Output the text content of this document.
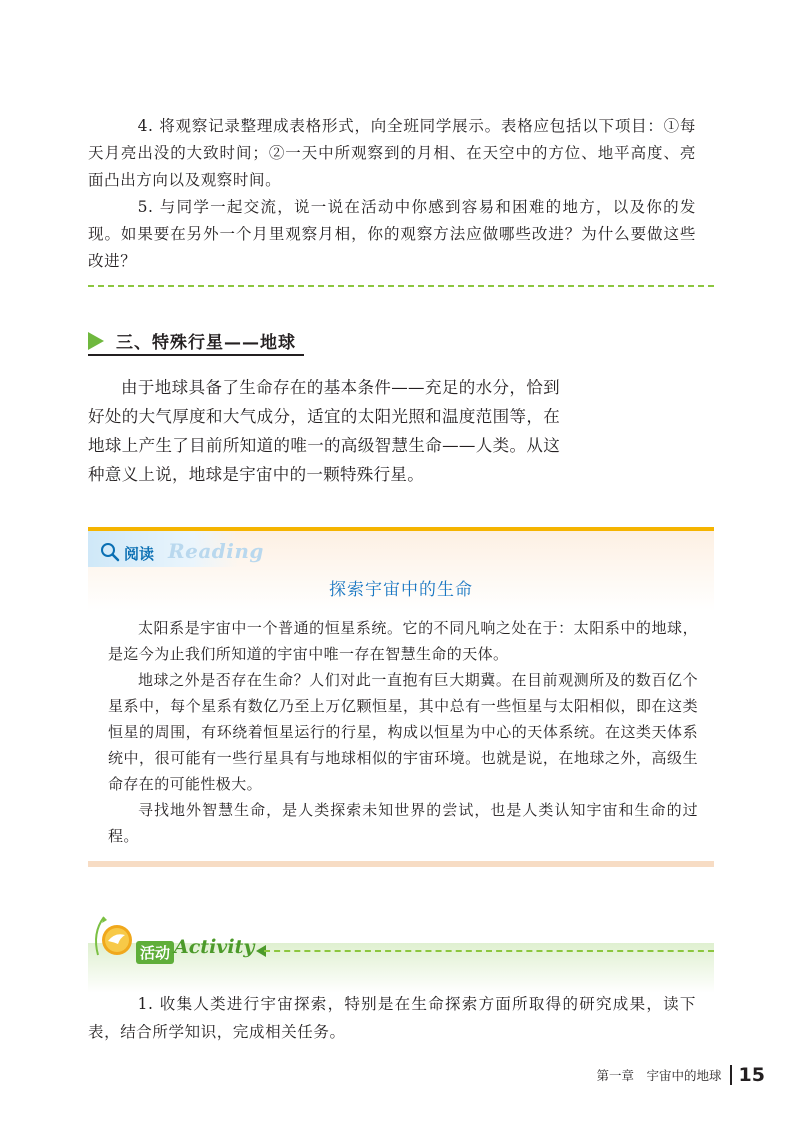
4. 将观察记录整理成表格形式，向全班同学展示。表格应包括以下项目：①每天月亮出没的大致时间；②一天中所观察到的月相、在天空中的方位、地平高度、亮面凸出方向以及观察时间。

5. 与同学一起交流，说一说在活动中你感到容易和困难的地方，以及你的发现。如果要在另外一个月里观察月相，你的观察方法应做哪些改进？为什么要做这些改进？

三、特殊行星——地球

由于地球具备了生命存在的基本条件——充足的水分，恰到好处的大气厚度和大气成分，适宜的太阳光照和温度范围等，在地球上产生了目前所知道的唯一的高级智慧生命——人类。从这种意义上说，地球是宇宙中的一颗特殊行星。

阅读 Reading
探索宇宙中的生命

太阳系是宇宙中一个普通的恒星系统。它的不同凡响之处在于：太阳系中的地球，是迄今为止我们所知道的宇宙中唯一存在智慧生命的天体。

地球之外是否存在生命？人们对此一直抱有巨大期冀。在目前观测所及的数百亿个星系中，每个星系有数亿乃至上万亿颗恒星，其中总有一些恒星与太阳相似，即在这类恒星的周围，有环绕着恒星运行的行星，构成以恒星为中心的天体系统。在这类天体系统中，很可能有一些行星具有与地球相似的宇宙环境。也就是说，在地球之外，高级生命存在的可能性极大。

寻找地外智慧生命，是人类探索未知世界的尝试，也是人类认知宇宙和生命的过程。

活动 Activity

1. 收集人类进行宇宙探索，特别是在生命探索方面所取得的研究成果，读下表，结合所学知识，完成相关任务。

第一章　宇宙中的地球 15
